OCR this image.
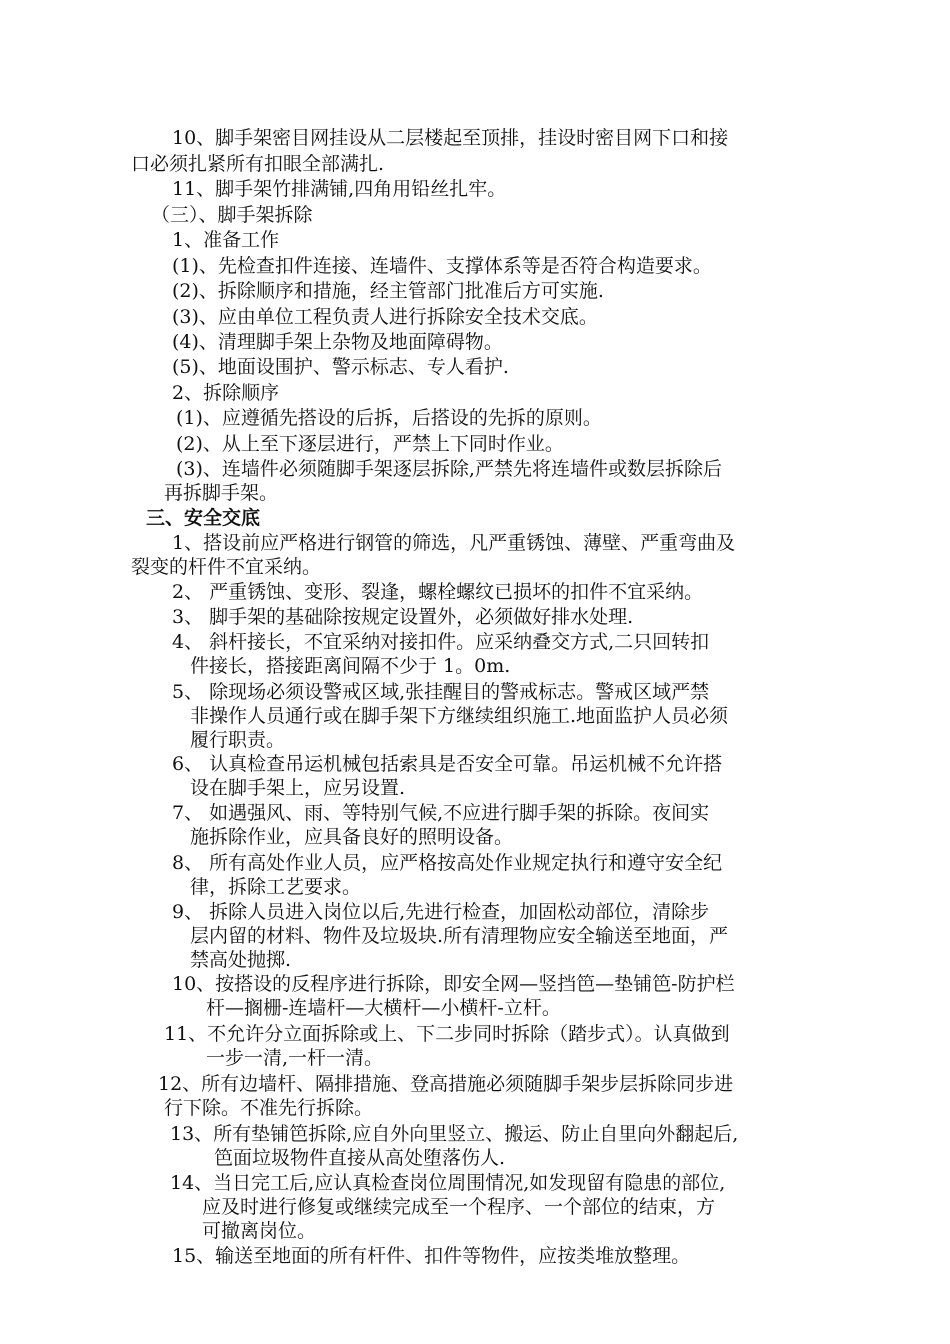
10、脚手架密目网挂设从二层楼起至顶排，挂设时密目网下口和接
口必须扎紧所有扣眼全部满扎.
11、脚手架竹排满铺,四角用铅丝扎牢。
（三）、脚手架拆除
1、准备工作
(1)、先检查扣件连接、连墙件、支撑体系等是否符合构造要求。
(2)、拆除顺序和措施，经主管部门批准后方可实施.
(3)、应由单位工程负责人进行拆除安全技术交底。
(4)、清理脚手架上杂物及地面障碍物。
(5)、地面设围护、警示标志、专人看护.
2、拆除顺序
(1)、应遵循先搭设的后拆，后搭设的先拆的原则。
(2)、从上至下逐层进行，严禁上下同时作业。
(3)、连墙件必须随脚手架逐层拆除,严禁先将连墙件或数层拆除后
再拆脚手架。
三、安全交底
1、搭设前应严格进行钢管的筛选，凡严重锈蚀、薄壁、严重弯曲及
裂变的杆件不宜采纳。
2、 严重锈蚀、变形、裂逢，螺栓螺纹已损坏的扣件不宜采纳。
3、 脚手架的基础除按规定设置外，必须做好排水处理.
4、 斜杆接长，不宜采纳对接扣件。应采纳叠交方式,二只回转扣
件接长，搭接距离间隔不少于 1。0m.
5、 除现场必须设警戒区域,张挂醒目的警戒标志。警戒区域严禁
非操作人员通行或在脚手架下方继续组织施工.地面监护人员必须
履行职责。
6、 认真检查吊运机械包括索具是否安全可靠。吊运机械不允许搭
设在脚手架上，应另设置.
7、 如遇强风、雨、等特别气候,不应进行脚手架的拆除。夜间实
施拆除作业，应具备良好的照明设备。
8、 所有高处作业人员，应严格按高处作业规定执行和遵守安全纪
律，拆除工艺要求。
9、 拆除人员进入岗位以后,先进行检查，加固松动部位，清除步
层内留的材料、物件及垃圾块.所有清理物应安全输送至地面，严
禁高处抛掷.
10、按搭设的反程序进行拆除，即安全网—竖挡笆—垫铺笆-防护栏
杆—搁栅-连墙杆—大横杆—小横杆-立杆。
11、不允许分立面拆除或上、下二步同时拆除（踏步式）。认真做到
一步一清,一杆一清。
12、所有边墙杆、隔排措施、登高措施必须随脚手架步层拆除同步进
行下除。不准先行拆除。
13、所有垫铺笆拆除,应自外向里竖立、搬运、防止自里向外翻起后,
笆面垃圾物件直接从高处堕落伤人.
14、当日完工后,应认真检查岗位周围情况,如发现留有隐患的部位,
应及时进行修复或继续完成至一个程序、一个部位的结束，方
可撤离岗位。
15、输送至地面的所有杆件、扣件等物件，应按类堆放整理。
